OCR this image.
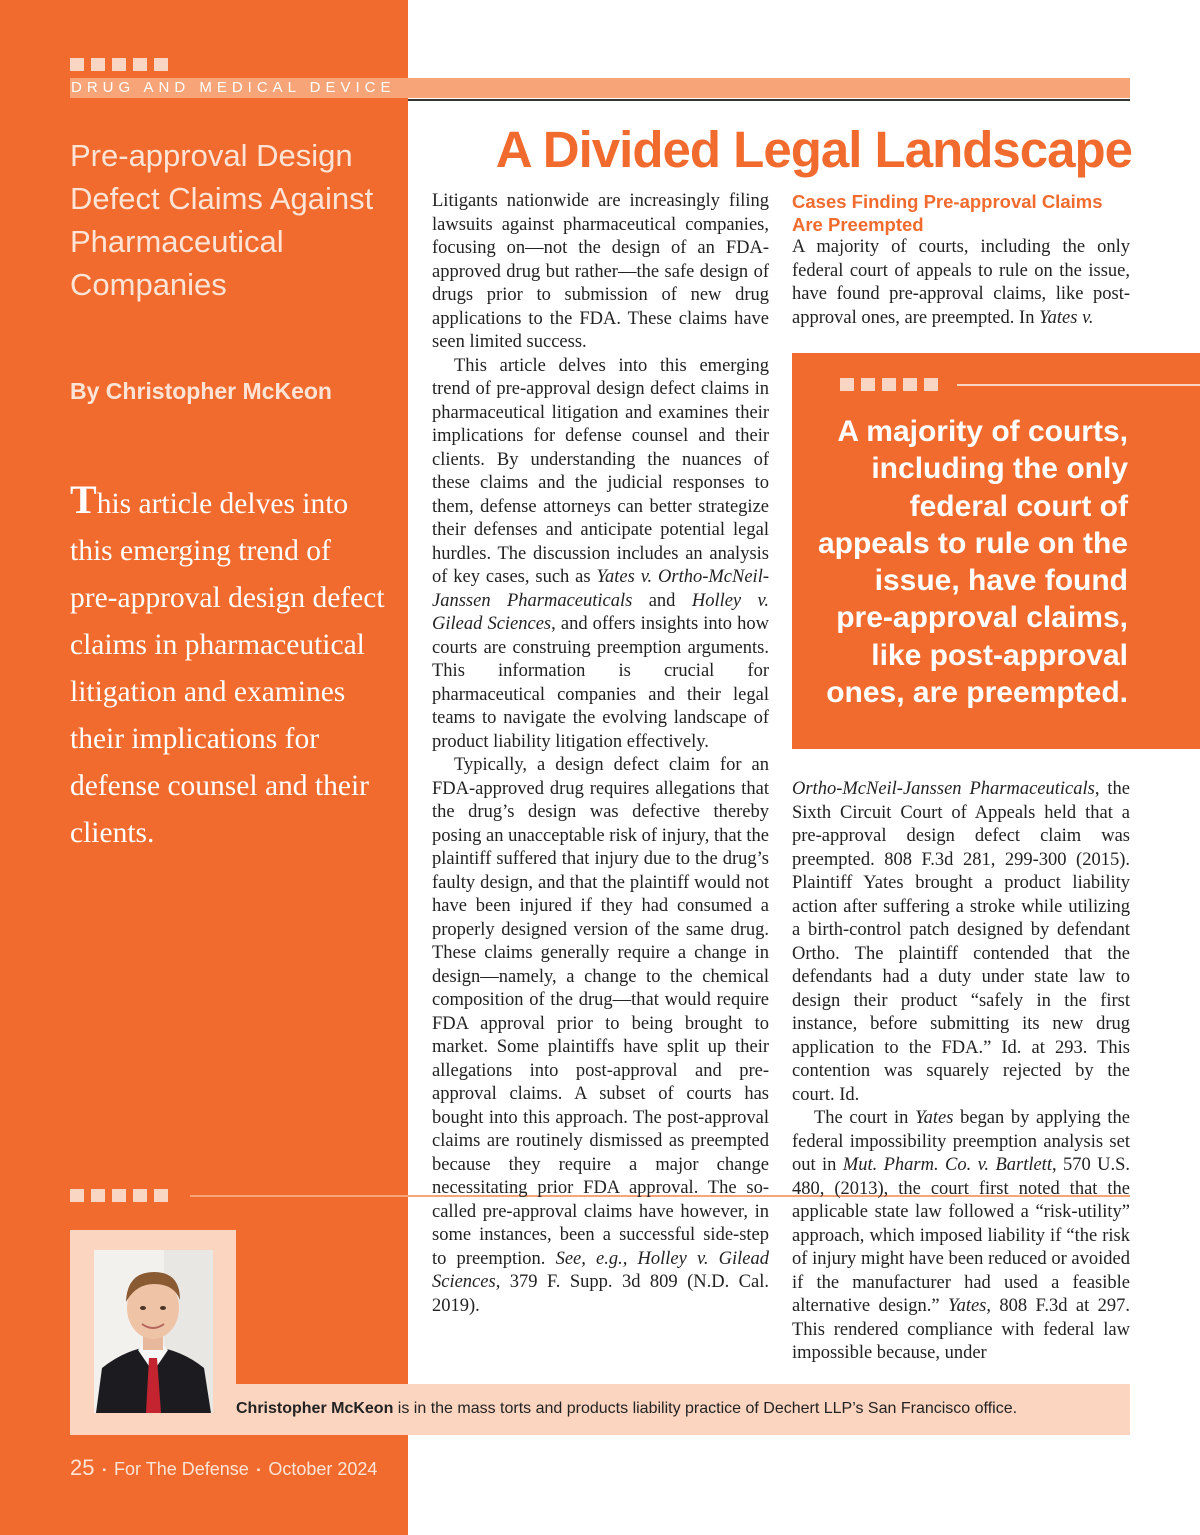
DRUG AND MEDICAL DEVICE
Pre-approval Design Defect Claims Against Pharmaceutical Companies
By Christopher McKeon
This article delves into this emerging trend of pre-approval design defect claims in pharmaceutical litigation and examines their implications for defense counsel and their clients.
Christopher McKeon is in the mass torts and products liability practice of Dechert LLP’s San Francisco office.
25 ▪ For The Defense ▪ October 2024
A Divided Legal Landscape

Litigants nationwide are increasingly filing lawsuits against pharmaceutical companies, focusing on—not the design of an FDA-approved drug but rather—the safe design of drugs prior to submission of new drug applications to the FDA. These claims have seen limited success.

This article delves into this emerging trend of pre-approval design defect claims in pharmaceutical litigation and examines their implications for defense counsel and their clients. By understanding the nuances of these claims and the judicial responses to them, defense attorneys can better strategize their defenses and anticipate potential legal hurdles. The discussion includes an analysis of key cases, such as Yates v. Ortho-McNeil-Janssen Pharmaceuticals and Holley v. Gilead Sciences, and offers insights into how courts are construing preemption arguments. This information is crucial for pharmaceutical companies and their legal teams to navigate the evolving landscape of product liability litigation effectively.

Typically, a design defect claim for an FDA-approved drug requires allegations that the drug’s design was defective thereby posing an unacceptable risk of injury, that the plaintiff suffered that injury due to the drug’s faulty design, and that the plaintiff would not have been injured if they had consumed a properly designed version of the same drug. These claims generally require a change in design—namely, a change to the chemical composition of the drug—that would require FDA approval prior to being brought to market. Some plaintiffs have split up their allegations into post-approval and pre-approval claims. A subset of courts has bought into this approach. The post-approval claims are routinely dismissed as preempted because they require a major change necessitating prior FDA approval. The so-called pre-approval claims have however, in some instances, been a successful side-step to preemption. See, e.g., Holley v. Gilead Sciences, 379 F. Supp. 3d 809 (N.D. Cal. 2019).

Cases Finding Pre-approval Claims Are Preempted

A majority of courts, including the only federal court of appeals to rule on the issue, have found pre-approval claims, like post-approval ones, are preempted. In Yates v.

A majority of courts, including the only federal court of appeals to rule on the issue, have found pre-approval claims, like post-approval ones, are preempted.

Ortho-McNeil-Janssen Pharmaceuticals, the Sixth Circuit Court of Appeals held that a pre-approval design defect claim was preempted. 808 F.3d 281, 299-300 (2015). Plaintiff Yates brought a product liability action after suffering a stroke while utilizing a birth-control patch designed by defendant Ortho. The plaintiff contended that the defendants had a duty under state law to design their product “safely in the first instance, before submitting its new drug application to the FDA.” Id. at 293. This contention was squarely rejected by the court. Id.

The court in Yates began by applying the federal impossibility preemption analysis set out in Mut. Pharm. Co. v. Bartlett, 570 U.S. 480, (2013), the court first noted that the applicable state law followed a “risk-utility” approach, which imposed liability if “the risk of injury might have been reduced or avoided if the manufacturer had used a feasible alternative design.” Yates, 808 F.3d at 297. This rendered compliance with federal law impossible because, under
